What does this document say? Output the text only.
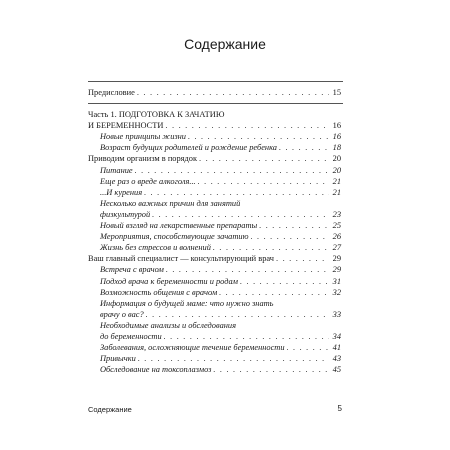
Содержание
Предисловие . . .	15
Часть 1. ПОДГОТОВКА К ЗАЧАТИЮ
И БЕРЕМЕННОСТИ . . .	16
Новые принципы жизни . . .	16
Возраст будущих родителей и рождение ребенка . . .	18
Приводим организм в порядок . . .	20
Питание . . .	20
Еще раз о вреде алкоголя... . . .	21
...И курения . . .	21
Несколько важных причин для занятий
физкультурой . . .	23
Новый взгляд на лекарственные препараты . . .	25
Мероприятия, способствующие зачатию . . .	26
Жизнь без стрессов и волнений . . .	27
Ваш главный специалист — консультирующий врач . . .	29
Встреча с врачом . . .	29
Подход врача к беременности и родам . . .	31
Возможность общения с врачом . . .	32
Информация о будущей маме: что нужно знать
врачу о вас? . . .	33
Необходимые анализы и обследования
до беременности . . .	34
Заболевания, осложняющие течение беременности . . .	41
Привычки . . .	43
Обследование на токсоплазмоз . . .	45
Содержание	5
